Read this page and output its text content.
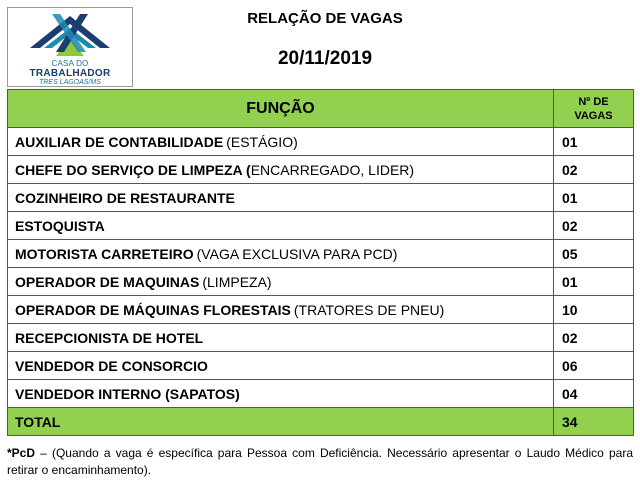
CASA DO
TRABALHADOR
TRES LAGOAS/MS
RELAÇÃO DE VAGAS
20/11/2019
FUNÇÃO	Nº DE
VAGAS
AUXILIAR DE CONTABILIDADE (ESTÁGIO)	01
CHEFE DO SERVIÇO DE LIMPEZA (ENCARREGADO, LIDER)	02
COZINHEIRO DE RESTAURANTE	01
ESTOQUISTA	02
MOTORISTA CARRETEIRO (VAGA EXCLUSIVA PARA PCD)	05
OPERADOR DE MAQUINAS (LIMPEZA)	01
OPERADOR DE MÁQUINAS FLORESTAIS (TRATORES DE PNEU)	10
RECEPCIONISTA DE HOTEL	02
VENDEDOR DE CONSORCIO	06
VENDEDOR INTERNO (SAPATOS)	04
TOTAL	34
*PcD – (Quando a vaga é específica para Pessoa com Deficiência. Necessário apresentar o Laudo Médico para retirar o encaminhamento).
